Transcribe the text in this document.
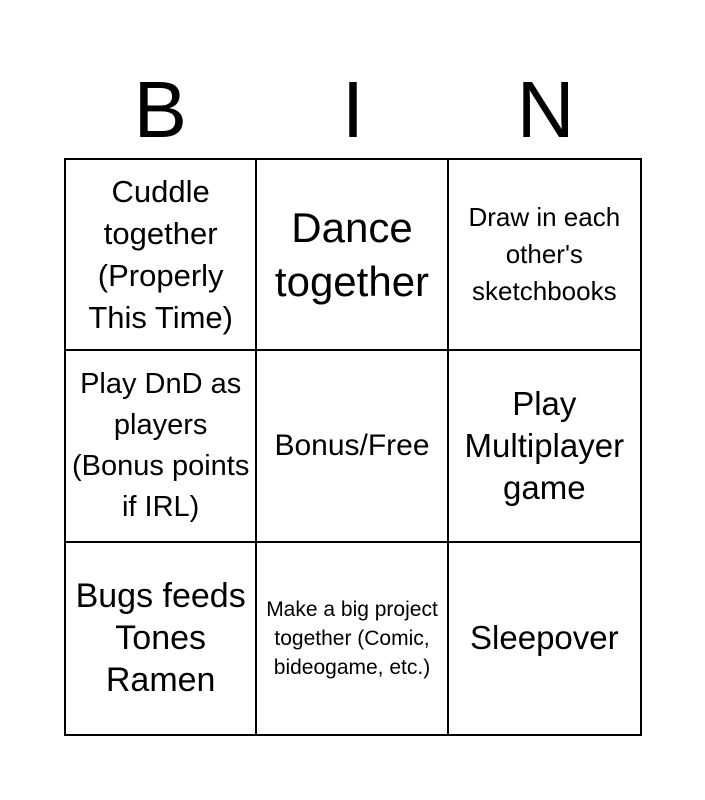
B	I	N
Cuddle together (Properly This Time)
Dance together
Draw in each other's sketchbooks
Play DnD as players (Bonus points if IRL)
Bonus/Free
Play Multiplayer game
Bugs feeds Tones Ramen
Make a big project together (Comic, bideogame, etc.)
Sleepover
